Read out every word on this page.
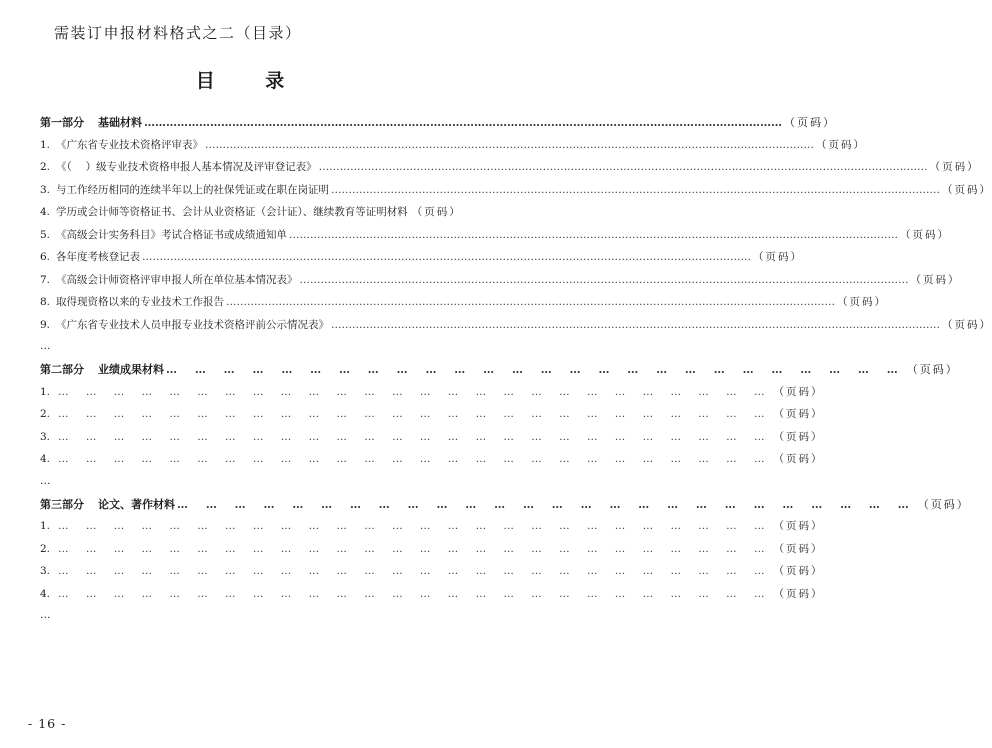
需装订申报材料格式之二（目录）
目 录
第一部分 基础材料 ………………………………………………………………………………………………………………………………………………………… （页码）
1. 《广东省专业技术资格评审表》 ………………………………………………………………………………………………………………………………………………………… （页码）
2. 《（　 ）级专业技术资格申报人基本情况及评审登记表》 ………………………………………………………………………………………………………………………………………………………… （页码）
3. 与工作经历相同的连续半年以上的社保凭证或在职在岗证明 ………………………………………………………………………………………………………………………………………………………… （页码）
4. 学历或会计师等资格证书、会计从业资格证（会计证）、继续教育等证明材料 （页码）
5. 《高级会计实务科目》考试合格证书或成绩通知单 ………………………………………………………………………………………………………………………………………………………… （页码）
6. 各年度考核登记表 ………………………………………………………………………………………………………………………………………………………… （页码）
7. 《高级会计师资格评审申报人所在单位基本情况表》 ………………………………………………………………………………………………………………………………………………………… （页码）
8. 取得现资格以来的专业技术工作报告 ………………………………………………………………………………………………………………………………………………………… （页码）
9. 《广东省专业技术人员申报专业技术资格评前公示情况表》 ………………………………………………………………………………………………………………………………………………………… （页码）
…
第二部分 业绩成果材料 … … … … … … … … … … … … … … … … … … … … … … … … … … （页码）
1. … … … … … … … … … … … … … … … … … … … … … … … … … … （页码）
2. … … … … … … … … … … … … … … … … … … … … … … … … … … （页码）
3. … … … … … … … … … … … … … … … … … … … … … … … … … … （页码）
4. … … … … … … … … … … … … … … … … … … … … … … … … … … （页码）
…
第三部分 论文、著作材料 … … … … … … … … … … … … … … … … … … … … … … … … … … （页码）
1. … … … … … … … … … … … … … … … … … … … … … … … … … … （页码）
2. … … … … … … … … … … … … … … … … … … … … … … … … … … （页码）
3. … … … … … … … … … … … … … … … … … … … … … … … … … … （页码）
4. … … … … … … … … … … … … … … … … … … … … … … … … … … （页码）
…
- 16 -
